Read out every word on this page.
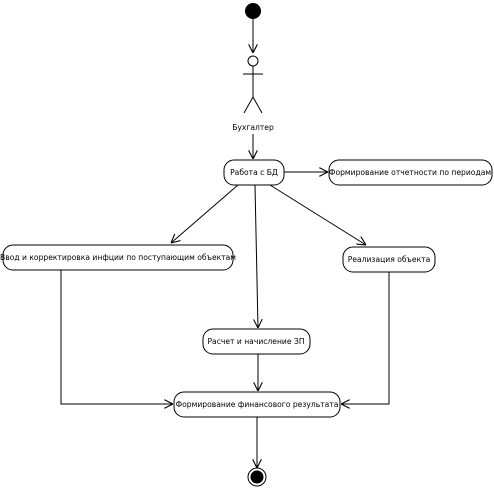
Бухгалтер
Работа с БД	Формирование отчетности по периодам
Ввод и корректировка инфции по поступающим объектам	Реализация объекта
Расчет и начисление ЗП
Формирование финансового результата
